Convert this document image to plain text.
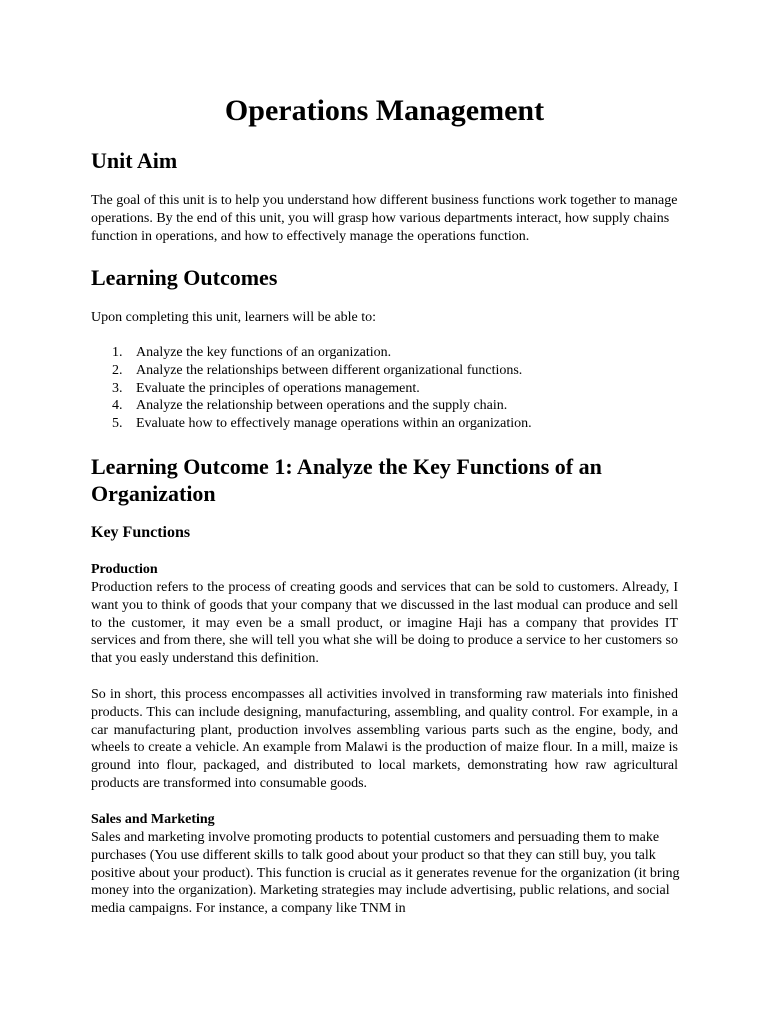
Operations Management
Unit Aim

The goal of this unit is to help you understand how different business functions work together to manage operations. By the end of this unit, you will grasp how various departments interact, how supply chains function in operations, and how to effectively manage the operations function.

Learning Outcomes

Upon completing this unit, learners will be able to:

1. Analyze the key functions of an organization.
2. Analyze the relationships between different organizational functions.
3. Evaluate the principles of operations management.
4. Analyze the relationship between operations and the supply chain.
5. Evaluate how to effectively manage operations within an organization.
Learning Outcome 1: Analyze the Key Functions of an Organization
Key Functions
Production

Production refers to the process of creating goods and services that can be sold to customers. Already, I want you to think of goods that your company that we discussed in the last modual can produce and sell to the customer, it may even be a small product, or imagine Haji has a company that provides IT services and from there, she will tell you what she will be doing to produce a service to her customers so that you easly understand this definition.

So in short, this process encompasses all activities involved in transforming raw materials into finished products. This can include designing, manufacturing, assembling, and quality control. For example, in a car manufacturing plant, production involves assembling various parts such as the engine, body, and wheels to create a vehicle. An example from Malawi is the production of maize flour. In a mill, maize is ground into flour, packaged, and distributed to local markets, demonstrating how raw agricultural products are transformed into consumable goods.

Sales and Marketing

Sales and marketing involve promoting products to potential customers and persuading them to make purchases (You use different skills to talk good about your product so that they can still buy, you talk positive about your product). This function is crucial as it generates revenue for the organization (it bring money into the organization). Marketing strategies may include advertising, public relations, and social media campaigns. For instance, a company like TNM in
